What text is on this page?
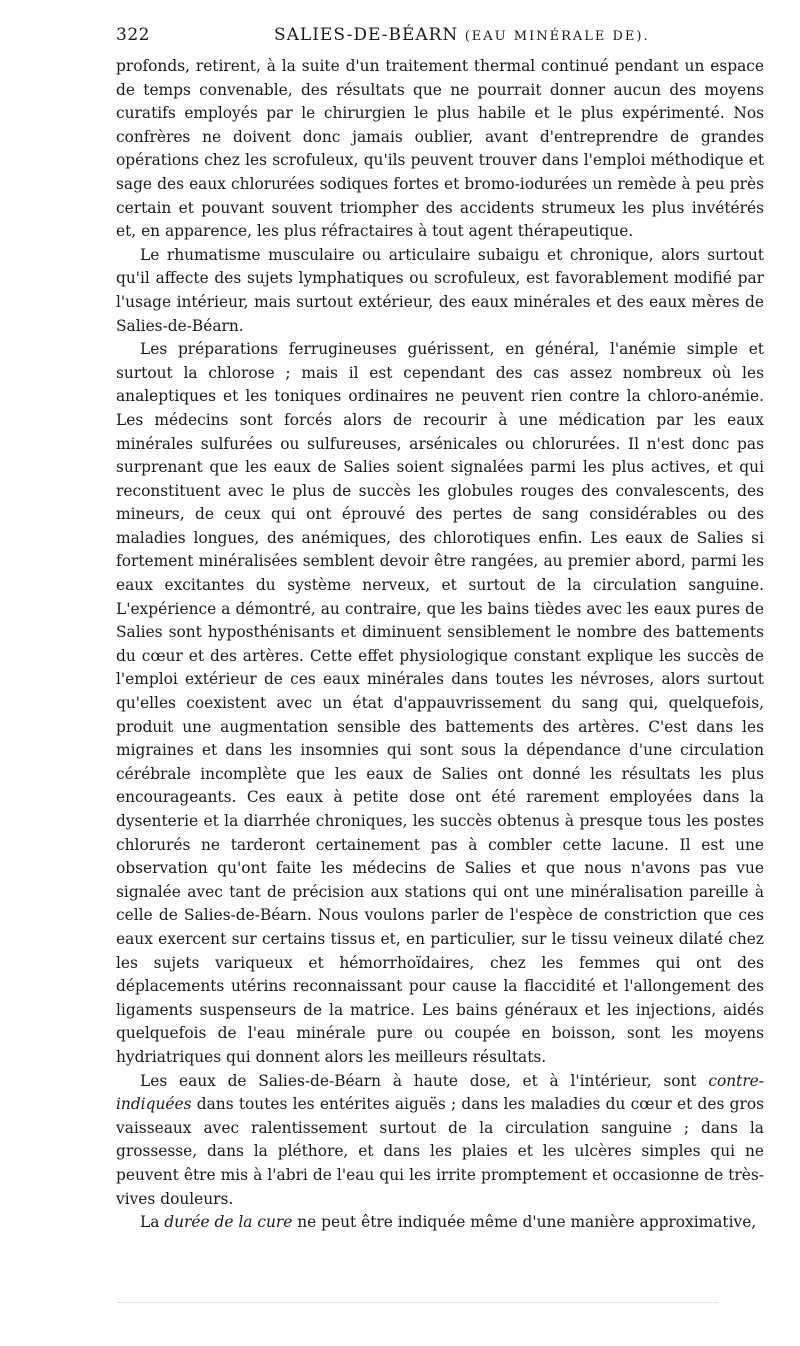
322	SALIES-DE-BÉARN (EAU MINÉRALE DE).

profonds, retirent, à la suite d'un traitement thermal continué pendant un espace de temps convenable, des résultats que ne pourrait donner aucun des moyens curatifs employés par le chirurgien le plus habile et le plus expérimenté. Nos confrères ne doivent donc jamais oublier, avant d'entreprendre de grandes opérations chez les scrofuleux, qu'ils peuvent trouver dans l'emploi méthodique et sage des eaux chlorurées sodiques fortes et bromo-iodurées un remède à peu près certain et pouvant souvent triompher des accidents strumeux les plus invétérés et, en apparence, les plus réfractaires à tout agent thérapeutique.

Le rhumatisme musculaire ou articulaire subaigu et chronique, alors surtout qu'il affecte des sujets lymphatiques ou scrofuleux, est favorablement modifié par l'usage intérieur, mais surtout extérieur, des eaux minérales et des eaux mères de Salies-de-Béarn.

Les préparations ferrugineuses guérissent, en général, l'anémie simple et surtout la chlorose ; mais il est cependant des cas assez nombreux où les analeptiques et les toniques ordinaires ne peuvent rien contre la chloro-anémie. Les médecins sont forcés alors de recourir à une médication par les eaux minérales sulfurées ou sulfureuses, arsénicales ou chlorurées. Il n'est donc pas surprenant que les eaux de Salies soient signalées parmi les plus actives, et qui reconstituent avec le plus de succès les globules rouges des convalescents, des mineurs, de ceux qui ont éprouvé des pertes de sang considérables ou des maladies longues, des anémiques, des chlorotiques enfin. Les eaux de Salies si fortement minéralisées semblent devoir être rangées, au premier abord, parmi les eaux excitantes du système nerveux, et surtout de la circulation sanguine. L'expérience a démontré, au contraire, que les bains tièdes avec les eaux pures de Salies sont hyposthénisants et diminuent sensiblement le nombre des battements du cœur et des artères. Cette effet physiologique constant explique les succès de l'emploi extérieur de ces eaux minérales dans toutes les névroses, alors surtout qu'elles coexistent avec un état d'appauvrissement du sang qui, quelquefois, produit une augmentation sensible des battements des artères. C'est dans les migraines et dans les insomnies qui sont sous la dépendance d'une circulation cérébrale incomplète que les eaux de Salies ont donné les résultats les plus encourageants. Ces eaux à petite dose ont été rarement employées dans la dysenterie et la diarrhée chroniques, les succès obtenus à presque tous les postes chlorurés ne tarderont certainement pas à combler cette lacune. Il est une observation qu'ont faite les médecins de Salies et que nous n'avons pas vue signalée avec tant de précision aux stations qui ont une minéralisation pareille à celle de Salies-de-Béarn. Nous voulons parler de l'espèce de constriction que ces eaux exercent sur certains tissus et, en particulier, sur le tissu veineux dilaté chez les sujets variqueux et hémorrhoïdaires, chez les femmes qui ont des déplacements utérins reconnaissant pour cause la flaccidité et l'allongement des ligaments suspenseurs de la matrice. Les bains généraux et les injections, aidés quelquefois de l'eau minérale pure ou coupée en boisson, sont les moyens hydriatriques qui donnent alors les meilleurs résultats.

Les eaux de Salies-de-Béarn à haute dose, et à l'intérieur, sont contre-indiquées dans toutes les entérites aiguës ; dans les maladies du cœur et des gros vaisseaux avec ralentissement surtout de la circulation sanguine ; dans la grossesse, dans la pléthore, et dans les plaies et les ulcères simples qui ne peuvent être mis à l'abri de l'eau qui les irrite promptement et occasionne de très-vives douleurs.

La durée de la cure ne peut être indiquée même d'une manière approximative,
